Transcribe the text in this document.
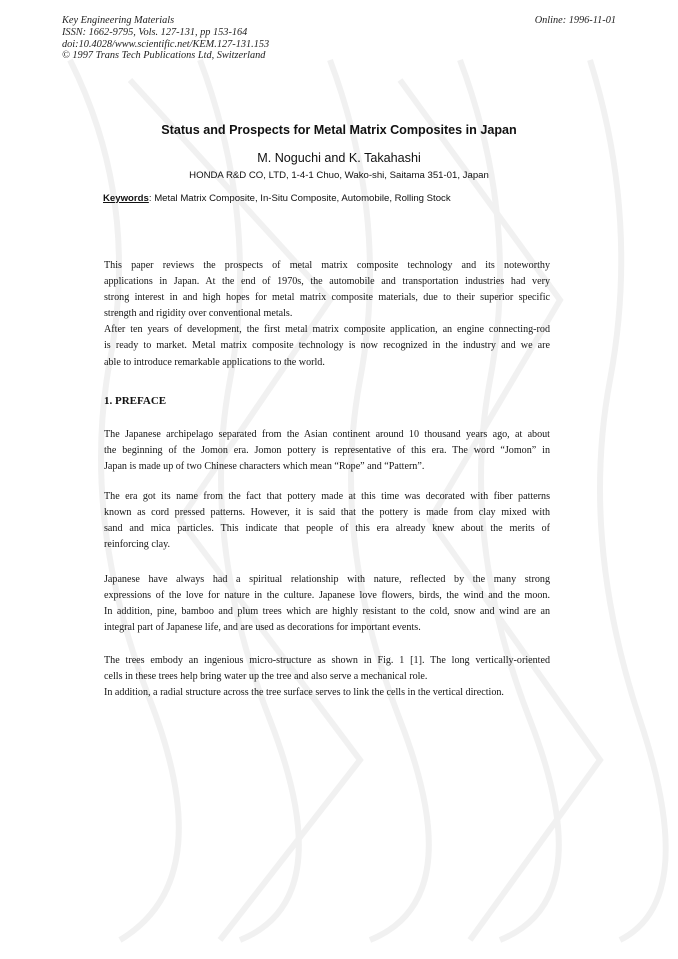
Key Engineering Materials
ISSN: 1662-9795, Vols. 127-131, pp 153-164
doi:10.4028/www.scientific.net/KEM.127-131.153
© 1997 Trans Tech Publications Ltd, Switzerland
Online: 1996-11-01
Status and Prospects for Metal Matrix Composites in Japan
M. Noguchi and K. Takahashi
HONDA R&D CO, LTD, 1-4-1 Chuo, Wako-shi, Saitama 351-01, Japan
Keywords: Metal Matrix Composite, In-Situ Composite, Automobile, Rolling Stock
This paper reviews the prospects of metal matrix composite technology and its noteworthy
applications in Japan. At the end of 1970s, the automobile and transportation industries had very
strong interest in and high hopes for metal matrix composite materials, due to their superior specific
strength and rigidity over conventional metals.
After ten years of development, the first metal matrix composite application, an engine connecting-rod
is ready to market. Metal matrix composite technology is now recognized in the industry and we are
able to introduce remarkable applications to the world.
1. PREFACE
The Japanese archipelago separated from the Asian continent around 10 thousand years ago, at about
the beginning of the Jomon era. Jomon pottery is representative of this era. The word “Jomon” in
Japan is made up of two Chinese characters which mean “Rope” and “Pattern”.
The era got its name from the fact that pottery made at this time was decorated with fiber patterns
known as cord pressed patterns. However, it is said that the pottery is made from clay mixed with
sand and mica particles. This indicate that people of this era already knew about the merits of
reinforcing clay.
Japanese have always had a spiritual relationship with nature, reflected by the many strong
expressions of the love for nature in the culture. Japanese love flowers, birds, the wind and the moon.
In addition, pine, bamboo and plum trees which are highly resistant to the cold, snow and wind are an
integral part of Japanese life, and are used as decorations for important events.
The trees embody an ingenious micro-structure as shown in Fig. 1 [1]. The long vertically-oriented
cells in these trees help bring water up the tree and also serve a mechanical role.
In addition, a radial structure across the tree surface serves to link the cells in the vertical direction.
